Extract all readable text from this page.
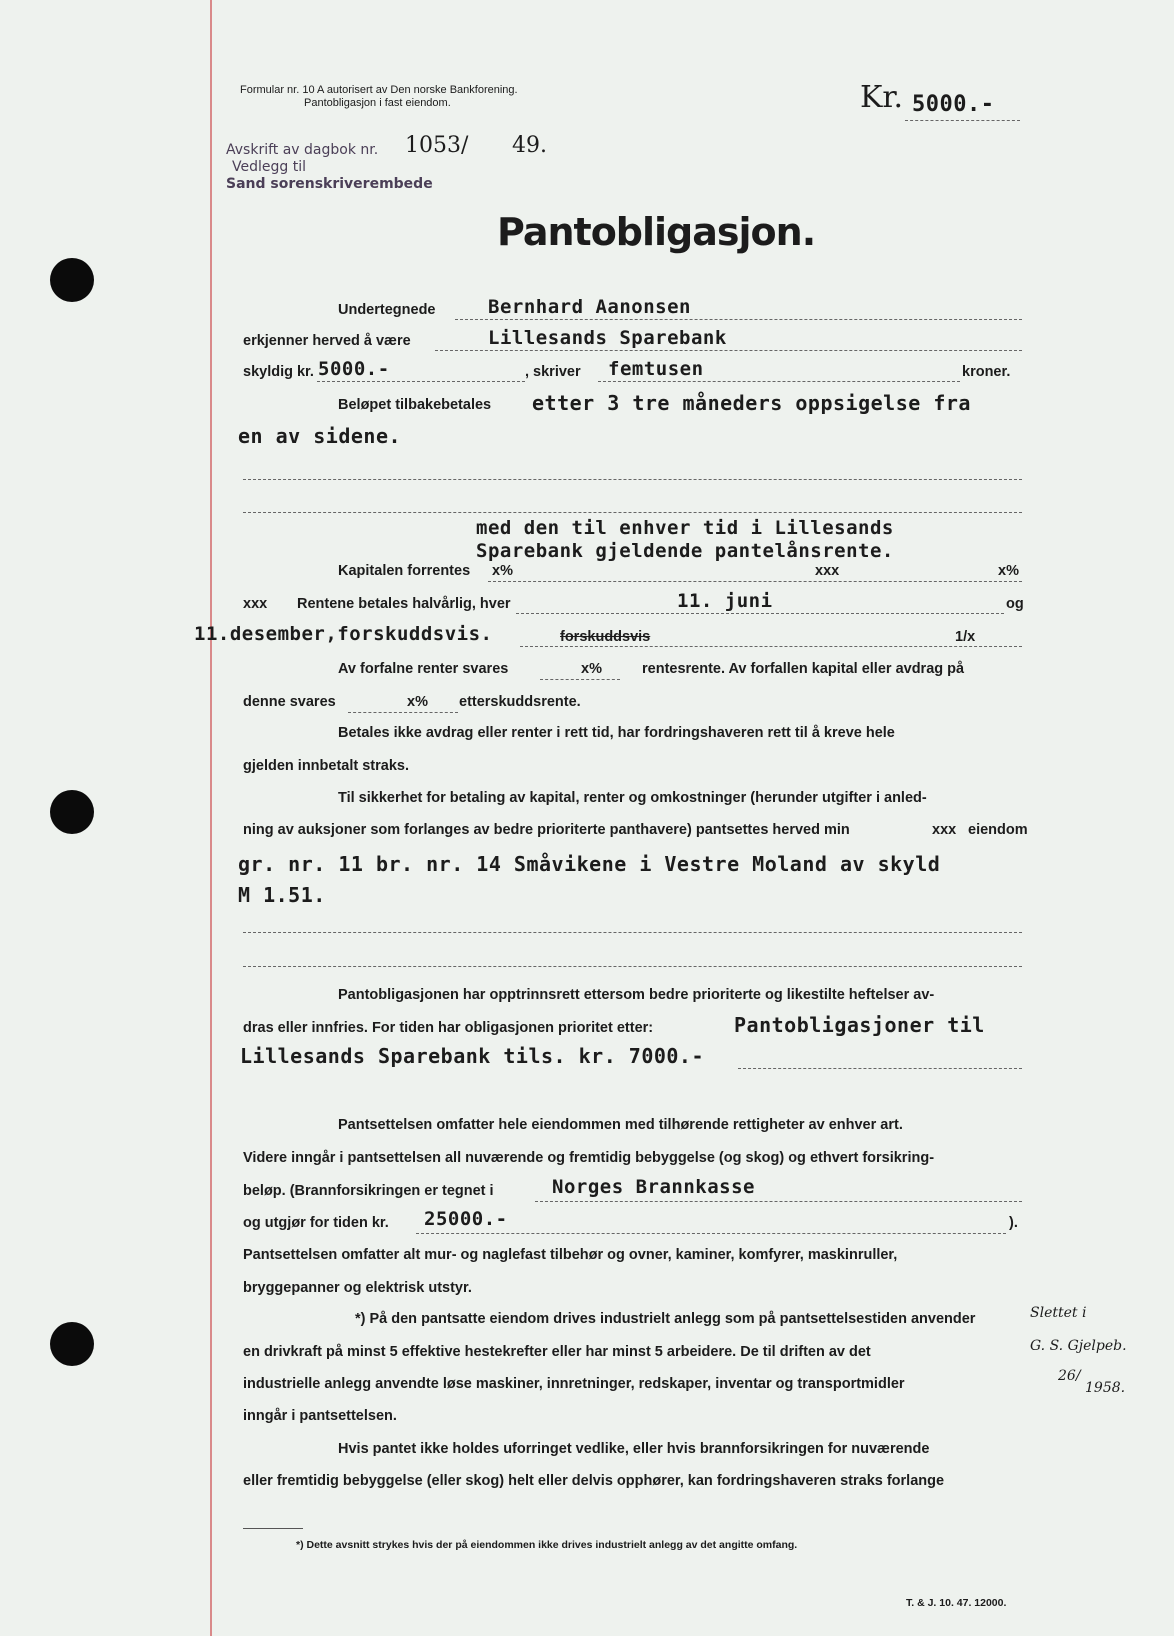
Formular nr. 10 A autorisert av Den norske Bankforening.
Pantobligasjon i fast eiendom.	Kr. 5000.-
Avskrift av dagbok nr. 1053/ 49.
Vedlegg til
Sand sorenskriverembede
Pantobligasjon.
Undertegnede	Bernhard Aanonsen
erkjenner herved å være	Lillesands Sparebank
skyldig kr. 5000.-	, skriver femtusen	kroner.
Beløpet tilbakebetales etter 3 tre måneders oppsigelse fra
en av sidene.
med den til enhver tid i Lillesands
Sparebank gjeldende pantelånsrente.
Kapitalen forrentes x%	xxx	x%
xxx Rentene betales halvårlig, hver	11. juni	og
11.desember,forskuddsvis.	forskuddsvis	1/x
Av forfalne renter svares	x%	rentesrente. Av forfallen kapital eller avdrag på
denne svares	x% etterskuddsrente.
Betales ikke avdrag eller renter i rett tid, har fordringshaveren rett til å kreve hele
gjelden innbetalt straks.
Til sikkerhet for betaling av kapital, renter og omkostninger (herunder utgifter i anled-
ning av auksjoner som forlanges av bedre prioriterte panthavere) pantsettes herved min	xxx eiendom
gr. nr. 11 br. nr. 14 Småvikene i Vestre Moland av skyld
M 1.51.
Pantobligasjonen har opptrinnsrett ettersom bedre prioriterte og likestilte heftelser av-
dras eller innfries. For tiden har obligasjonen prioritet etter:	Pantobligasjoner til
Lillesands Sparebank tils. kr. 7000.-
Pantsettelsen omfatter hele eiendommen med tilhørende rettigheter av enhver art.
Videre inngår i pantsettelsen all nuværende og fremtidig bebyggelse (og skog) og ethvert forsikring-
beløp. (Brannforsikringen er tegnet i	Norges Brannkasse
og utgjør for tiden kr. 25000.-	).
Pantsettelsen omfatter alt mur- og naglefast tilbehør og ovner, kaminer, komfyrer, maskinruller,
bryggepanner og elektrisk utstyr.
*) På den pantsatte eiendom drives industrielt anlegg som på pantsettelsestiden anvender
en drivkraft på minst 5 effektive hestekrefter eller har minst 5 arbeidere. De til driften av det
industrielle anlegg anvendte løse maskiner, innretninger, redskaper, inventar og transportmidler
inngår i pantsettelsen.
Hvis pantet ikke holdes uforringet vedlike, eller hvis brannforsikringen for nuværende
eller fremtidig bebyggelse (eller skog) helt eller delvis opphører, kan fordringshaveren straks forlange
Slettet i
G. S. Gjelpeb.
26/
1958.
*) Dette avsnitt strykes hvis der på eiendommen ikke drives industrielt anlegg av det angitte omfang.
T. & J. 10. 47. 12000.
